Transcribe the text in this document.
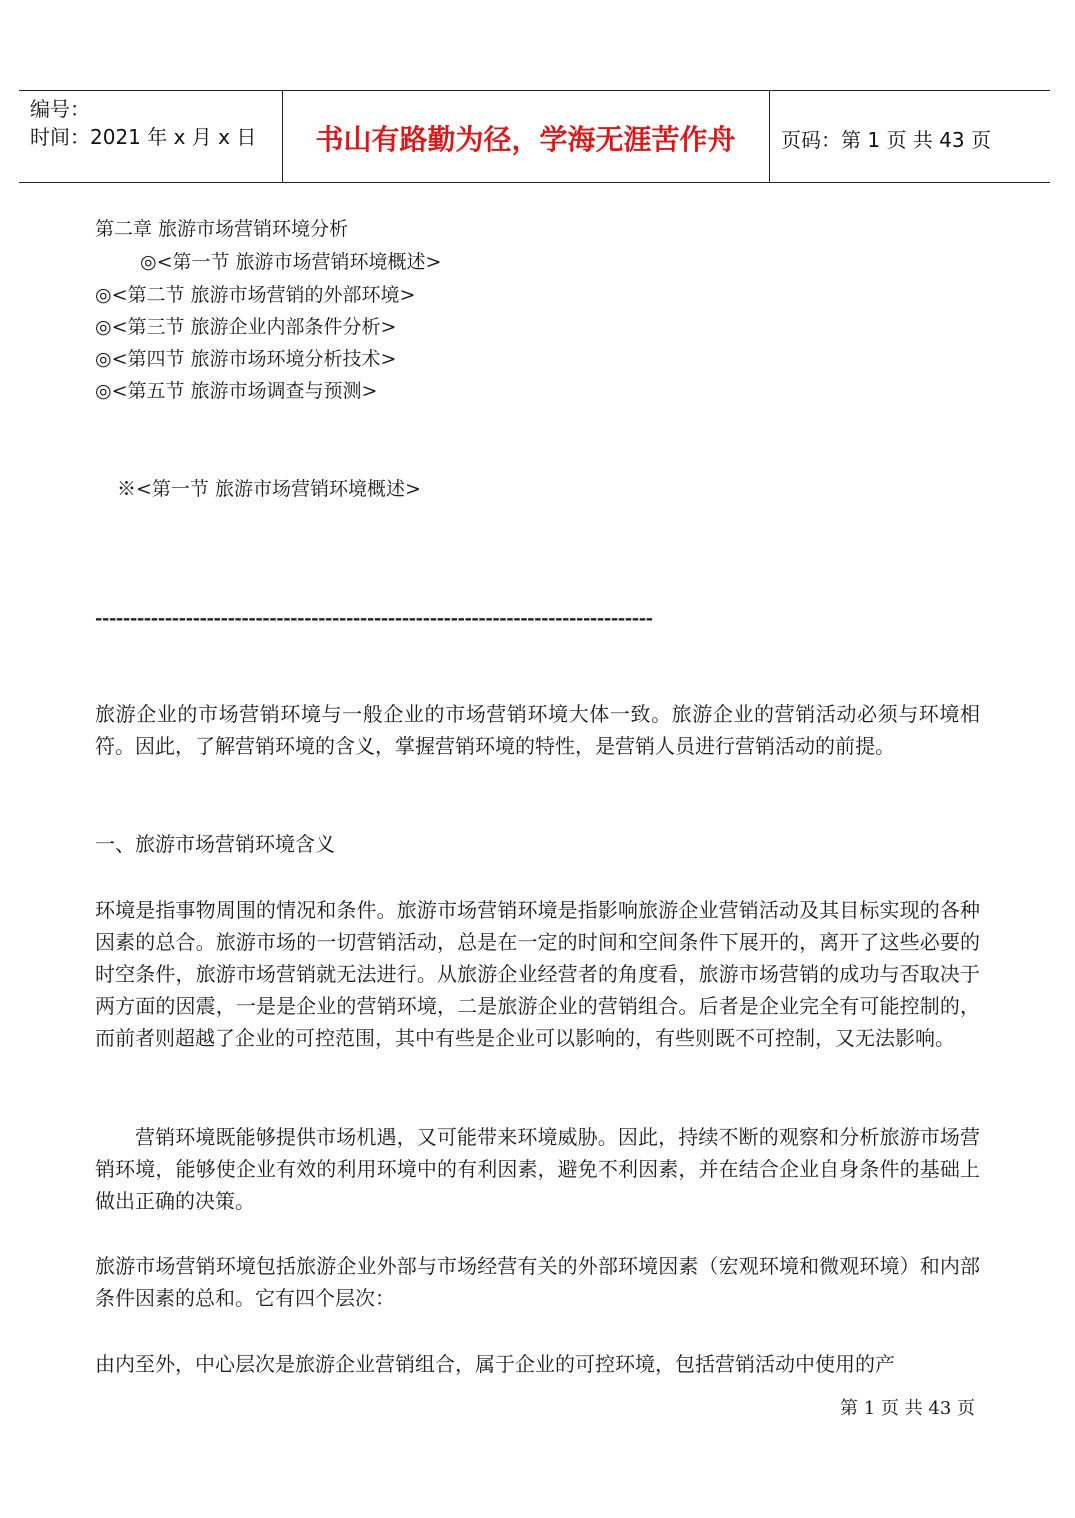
编号：
时间：2021 年 x 月 x 日	书山有路勤为径，学海无涯苦作舟	页码：第 1 页 共 43 页
第二章 旅游市场营销环境分析
◎<第一节 旅游市场营销环境概述>
◎<第二节 旅游市场营销的外部环境>
◎<第三节 旅游企业内部条件分析>
◎<第四节 旅游市场环境分析技术>
◎<第五节 旅游市场调查与预测>
※<第一节 旅游市场营销环境概述>
--------------------------------------------------------------------------------

旅游企业的市场营销环境与一般企业的市场营销环境大体一致。旅游企业的营销活动必须与环境相符。因此，了解营销环境的含义，掌握营销环境的特性，是营销人员进行营销活动的前提。

一、旅游市场营销环境含义

环境是指事物周围的情况和条件。旅游市场营销环境是指影响旅游企业营销活动及其目标实现的各种因素的总合。旅游市场的一切营销活动，总是在一定的时间和空间条件下展开的，离开了这些必要的时空条件，旅游市场营销就无法进行。从旅游企业经营者的角度看，旅游市场营销的成功与否取决于两方面的因震，一是是企业的营销环境，二是旅游企业的营销组合。后者是企业完全有可能控制的，而前者则超越了企业的可控范围，其中有些是企业可以影响的，有些则既不可控制，又无法影响。

营销环境既能够提供市场机遇，又可能带来环境威胁。因此，持续不断的观察和分析旅游市场营销环境，能够使企业有效的利用环境中的有利因素，避免不利因素，并在结合企业自身条件的基础上做出正确的决策。

旅游市场营销环境包括旅游企业外部与市场经营有关的外部环境因素（宏观环境和微观环境）和内部条件因素的总和。它有四个层次：

由内至外，中心层次是旅游企业营销组合，属于企业的可控环境，包括营销活动中使用的产

第 1 页 共 43 页
